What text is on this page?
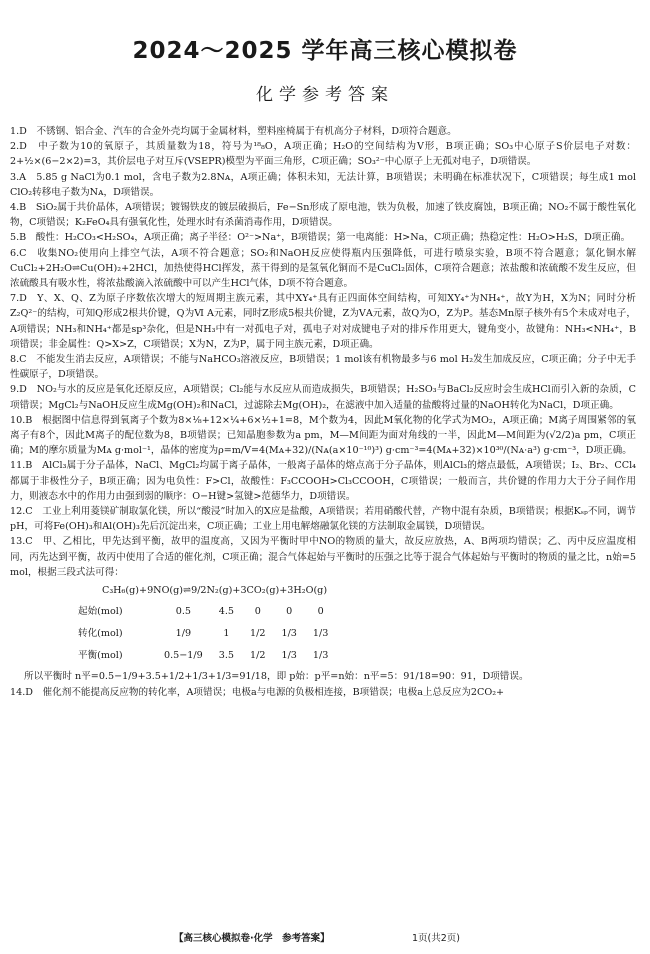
2024～2025 学年高三核心模拟卷
化学参考答案

1.D　不锈钢、铝合金、汽车的合金外壳均属于金属材料，塑料座椅属于有机高分子材料，D项符合题意。

2.D　中子数为10的氧原子，其质量数为18，符号为¹⁸₈O，A项正确；H₂O的空间结构为V形，B项正确；SO₃中心原子S价层电子对数：2+½×(6−2×2)=3，其价层电子对互斥(VSEPR)模型为平面三角形，C项正确；SO₃²⁻中心原子上无孤对电子，D项错误。

3.A　5.85 g NaCl为0.1 mol，含电子数为2.8Nᴀ，A项正确；体积未知，无法计算，B项错误；未明确在标准状况下，C项错误；每生成1 mol ClO₂转移电子数为Nᴀ，D项错误。

4.B　SiO₂属于共价晶体，A项错误；镀锡铁皮的镀层破损后，Fe−Sn形成了原电池，铁为负极，加速了铁皮腐蚀，B项正确；NO₂不属于酸性氧化物，C项错误；K₂FeO₄具有强氧化性，处理水时有杀菌消毒作用，D项错误。

5.B　酸性：H₂CO₃<H₂SO₄，A项正确；离子半径：O²⁻>Na⁺，B项错误；第一电离能：H>Na，C项正确；热稳定性：H₂O>H₂S，D项正确。

6.C　收集NO₂使用向上排空气法，A项不符合题意；SO₂和NaOH反应使得瓶内压强降低，可进行喷泉实验，B项不符合题意；氯化铜水解CuCl₂+2H₂O⇌Cu(OH)₂+2HCl，加热使得HCl挥发，蒸干得到的是氢氧化铜而不是CuCl₂固体，C项符合题意；浓盐酸和浓硫酸不发生反应，但浓硫酸具有吸水性，将浓盐酸滴入浓硫酸中可以产生HCl气体，D项不符合题意。

7.D　Y、X、Q、Z为原子序数依次增大的短周期主族元素，其中XY₄⁺具有正四面体空间结构，可知XY₄⁺为NH₄⁺，故Y为H，X为N；同时分析Z₂Q²⁻的结构，可知Q形成2根共价键，Q为Ⅵ A元素，同时Z形成5根共价键，Z为ⅤA元素，故Q为O，Z为P。基态Mn原子核外有5个未成对电子，A项错误；NH₃和NH₄⁺都是sp³杂化，但是NH₃中有一对孤电子对，孤电子对对成键电子对的排斥作用更大，键角变小，故键角：NH₃<NH₄⁺，B项错误；非金属性：Q>X>Z，C项错误；X为N，Z为P，属于同主族元素，D项正确。

8.C　不能发生消去反应，A项错误；不能与NaHCO₃溶液反应，B项错误；1 mol该有机物最多与6 mol H₂发生加成反应，C项正确；分子中无手性碳原子，D项错误。

9.D　NO₂与水的反应是氧化还原反应，A项错误；Cl₂能与水反应从而造成损失，B项错误；H₂SO₃与BaCl₂反应时会生成HCl而引入新的杂质，C项错误；MgCl₂与NaOH反应生成Mg(OH)₂和NaCl，过滤除去Mg(OH)₂，在滤液中加入适量的盐酸将过量的NaOH转化为NaCl，D项正确。

10.B　根据图中信息得到氧离子个数为8×⅛+12×¼+6×½+1=8，M个数为4，因此M氧化物的化学式为MO₂，A项正确；M离子周围紧邻的氧离子有8个，因此M离子的配位数为8，B项错误；已知晶胞参数为a pm，M—M间距为面对角线的一半，因此M—M间距为(√2/2)a pm，C项正确；M的摩尔质量为Mᴀ g·mol⁻¹，晶体的密度为ρ=m/V=4(Mᴀ+32)/(Nᴀ(a×10⁻¹⁰)³) g·cm⁻³=4(Mᴀ+32)×10³⁰/(Nᴀ·a³) g·cm⁻³，D项正确。

11.B　AlCl₃属于分子晶体，NaCl、MgCl₂均属于离子晶体，一般离子晶体的熔点高于分子晶体，则AlCl₃的熔点最低，A项错误；I₂、Br₂、CCl₄都属于非极性分子，B项正确；因为电负性：F>Cl，故酸性：F₃CCOOH>Cl₃CCOOH，C项错误；一般而言，共价键的作用力大于分子间作用力，则液态水中的作用力由强到弱的顺序：O−H键>氢键>范德华力，D项错误。

12.C　工业上利用菱镁矿制取氯化镁，所以“酸浸”时加入的X应是盐酸，A项错误；若用硝酸代替，产物中混有杂质，B项错误；根据Kₛₚ不同，调节pH，可将Fe(OH)₃和Al(OH)₃先后沉淀出来，C项正确；工业上用电解熔融氯化镁的方法制取金属镁，D项错误。

13.C　甲、乙相比，甲先达到平衡，故甲的温度高，又因为平衡时甲中NO的物质的量大，故反应放热，A、B两项均错误；乙、丙中反应温度相同，丙先达到平衡，故丙中使用了合适的催化剂，C项正确；混合气体起始与平衡时的压强之比等于混合气体起始与平衡时的物质的量之比，n始=5 mol，根据三段式法可得：

C₃H₆(g)+9NO(g)⇌9/2N₂(g)+3CO₂(g)+3H₂O(g)
起始(mol)	0.5	4.5	0	0	0
转化(mol)	1/9	1	1/2	1/3	1/3
平衡(mol)	0.5−1/9	3.5	1/2	1/3	1/3

所以平衡时 n平=0.5−1/9+3.5+1/2+1/3+1/3=91/18，即 p始：p平=n始：n平=5：91/18=90：91，D项错误。

14.D　催化剂不能提高反应物的转化率，A项错误；电极a与电源的负极相连接，B项错误；电极a上总反应为2CO₂+

【高三核心模拟卷·化学　参考答案】	1页(共2页)
